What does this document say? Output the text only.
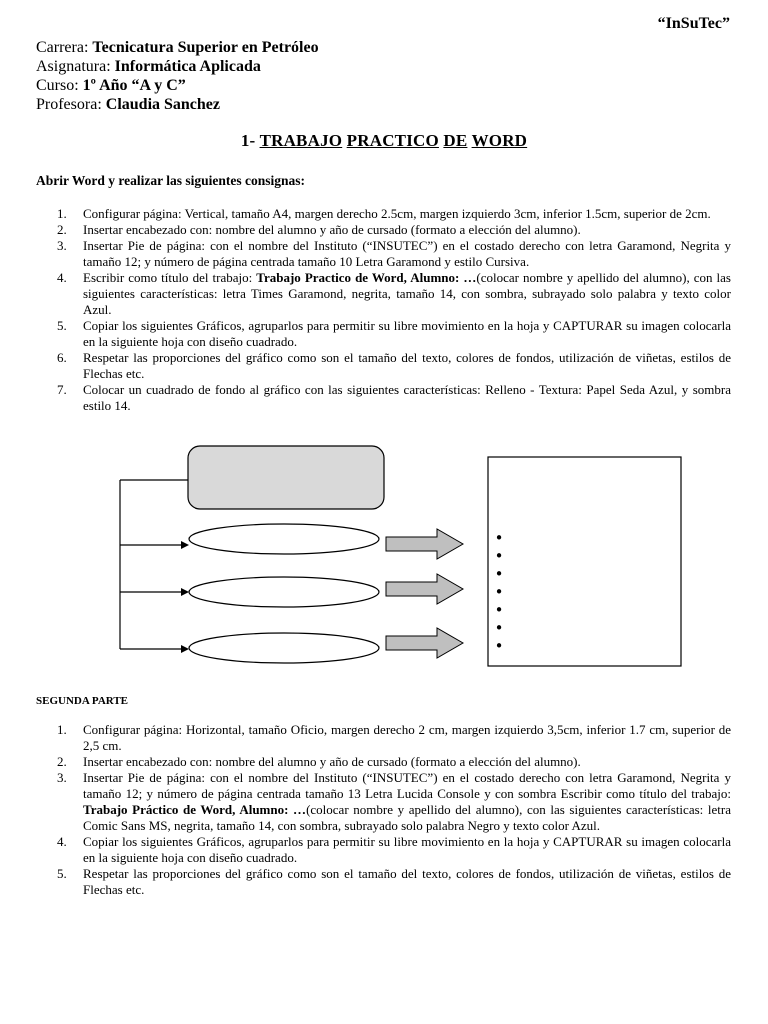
“InSuTec”
Carrera: Tecnicatura Superior en Petróleo
Asignatura: Informática Aplicada
Curso: 1º Año “A y C”
Profesora: Claudia Sanchez
1- TRABAJO PRACTICO DE WORD
Abrir Word y realizar las siguientes consignas:
1. Configurar página: Vertical, tamaño A4, margen derecho 2.5cm, margen izquierdo 3cm, inferior 1.5cm, superior de 2cm.
2. Insertar encabezado con: nombre del alumno y año de cursado (formato a elección del alumno).
3. Insertar Pie de página: con el nombre del Instituto (“INSUTEC”) en el costado derecho con letra Garamond, Negrita y tamaño 12; y número de página centrada tamaño 10 Letra Garamond y estilo Cursiva.
4. Escribir como título del trabajo: Trabajo Practico de Word, Alumno: …(colocar nombre y apellido del alumno), con las siguientes características: letra Times Garamond, negrita, tamaño 14, con sombra, subrayado solo palabra y texto color Azul.
5. Copiar los siguientes Gráficos, agruparlos para permitir su libre movimiento en la hoja y CAPTURAR su imagen colocarla en la siguiente hoja con diseño cuadrado.
6. Respetar las proporciones del gráfico como son el tamaño del texto, colores de fondos, utilización de viñetas, estilos de Flechas etc.
7. Colocar un cuadrado de fondo al gráfico con las siguientes características: Relleno - Textura: Papel Seda Azul, y sombra estilo 14.
•
•
•
•
•
•
•
SEGUNDA PARTE
1. Configurar página: Horizontal, tamaño Oficio, margen derecho 2 cm, margen izquierdo 3,5cm, inferior 1.7 cm, superior de 2,5 cm.
2. Insertar encabezado con: nombre del alumno y año de cursado (formato a elección del alumno).
3. Insertar Pie de página: con el nombre del Instituto (“INSUTEC”) en el costado derecho con letra Garamond, Negrita y tamaño 12; y número de página centrada tamaño 13 Letra Lucida Console y con sombra Escribir como título del trabajo: Trabajo Práctico de Word, Alumno: …(colocar nombre y apellido del alumno), con las siguientes características: letra Comic Sans MS, negrita, tamaño 14, con sombra, subrayado solo palabra Negro y texto color Azul.
4. Copiar los siguientes Gráficos, agruparlos para permitir su libre movimiento en la hoja y CAPTURAR su imagen colocarla en la siguiente hoja con diseño cuadrado.
5. Respetar las proporciones del gráfico como son el tamaño del texto, colores de fondos, utilización de viñetas, estilos de Flechas etc.
